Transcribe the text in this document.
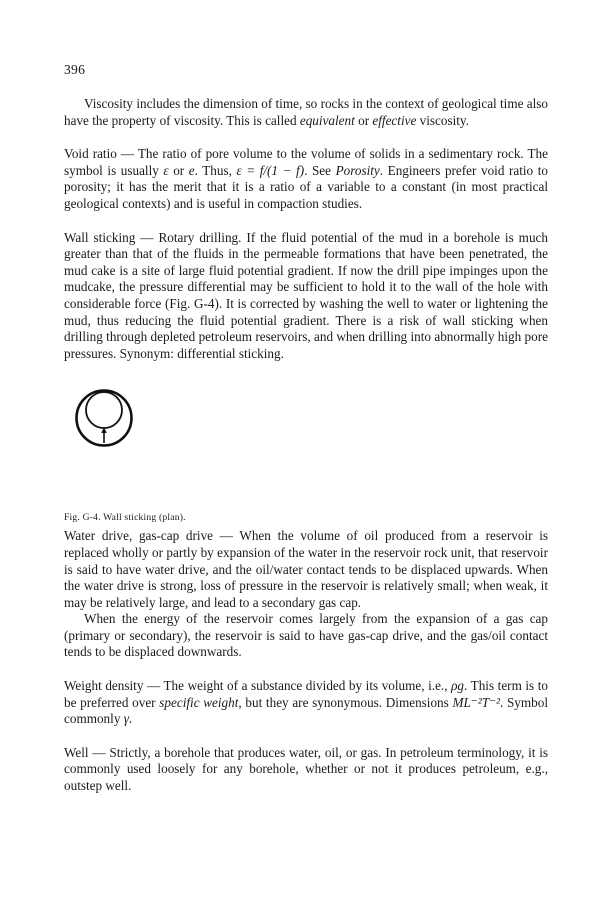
396

Viscosity includes the dimension of time, so rocks in the context of geological time also have the property of viscosity. This is called equivalent or effective viscosity.

Void ratio — The ratio of pore volume to the volume of solids in a sedimentary rock. The symbol is usually ε or e. Thus, ε = f/(1 − f). See Porosity. Engineers prefer void ratio to porosity; it has the merit that it is a ratio of a variable to a constant (in most practical geological contexts) and is useful in compaction studies.

Wall sticking — Rotary drilling. If the fluid potential of the mud in a borehole is much greater than that of the fluids in the permeable formations that have been penetrated, the mud cake is a site of large fluid potential gradient. If now the drill pipe impinges upon the mudcake, the pressure differential may be sufficient to hold it to the wall of the hole with considerable force (Fig. G-4). It is corrected by washing the well to water or lightening the mud, thus reducing the fluid potential gradient. There is a risk of wall sticking when drilling through depleted petroleum reservoirs, and when drilling into abnormally high pore pressures. Synonym: differential sticking.

Fig. G-4. Wall sticking (plan).

Water drive, gas-cap drive — When the volume of oil produced from a reservoir is replaced wholly or partly by expansion of the water in the reservoir rock unit, that reservoir is said to have water drive, and the oil/water contact tends to be displaced upwards. When the water drive is strong, loss of pressure in the reservoir is relatively small; when weak, it may be relatively large, and lead to a secondary gas cap.

When the energy of the reservoir comes largely from the expansion of a gas cap (primary or secondary), the reservoir is said to have gas-cap drive, and the gas/oil contact tends to be displaced downwards.

Weight density — The weight of a substance divided by its volume, i.e., ρg. This term is to be preferred over specific weight, but they are synonymous. Dimensions ML⁻²T⁻². Symbol commonly γ.

Well — Strictly, a borehole that produces water, oil, or gas. In petroleum terminology, it is commonly used loosely for any borehole, whether or not it produces petroleum, e.g., outstep well.
